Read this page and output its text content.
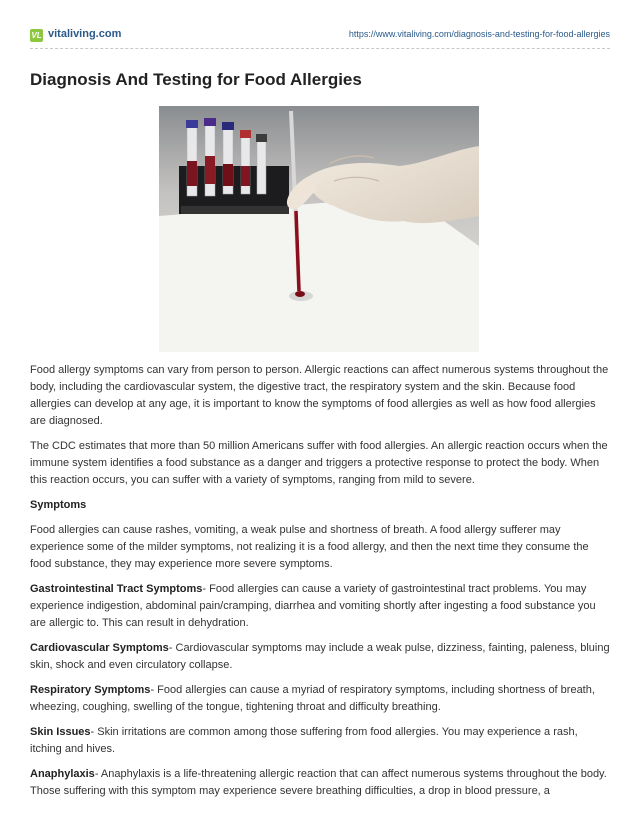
VL vitaliving.com	https://www.vitaliving.com/diagnosis-and-testing-for-food-allergies
Diagnosis And Testing for Food Allergies

Food allergy symptoms can vary from person to person. Allergic reactions can affect numerous systems throughout the body, including the cardiovascular system, the digestive tract, the respiratory system and the skin. Because food allergies can develop at any age, it is important to know the symptoms of food allergies as well as how food allergies are diagnosed.

The CDC estimates that more than 50 million Americans suffer with food allergies. An allergic reaction occurs when the immune system identifies a food substance as a danger and triggers a protective response to protect the body. When this reaction occurs, you can suffer with a variety of symptoms, ranging from mild to severe.

Symptoms

Food allergies can cause rashes, vomiting, a weak pulse and shortness of breath. A food allergy sufferer may experience some of the milder symptoms, not realizing it is a food allergy, and then the next time they consume the food substance, they may experience more severe symptoms.

Gastrointestinal Tract Symptoms- Food allergies can cause a variety of gastrointestinal tract problems. You may experience indigestion, abdominal pain/cramping, diarrhea and vomiting shortly after ingesting a food substance you are allergic to. This can result in dehydration.

Cardiovascular Symptoms- Cardiovascular symptoms may include a weak pulse, dizziness, fainting, paleness, bluing skin, shock and even circulatory collapse.

Respiratory Symptoms- Food allergies can cause a myriad of respiratory symptoms, including shortness of breath, wheezing, coughing, swelling of the tongue, tightening throat and difficulty breathing.

Skin Issues- Skin irritations are common among those suffering from food allergies. You may experience a rash, itching and hives.

Anaphylaxis- Anaphylaxis is a life-threatening allergic reaction that can affect numerous systems throughout the body. Those suffering with this symptom may experience severe breathing difficulties, a drop in blood pressure, a
